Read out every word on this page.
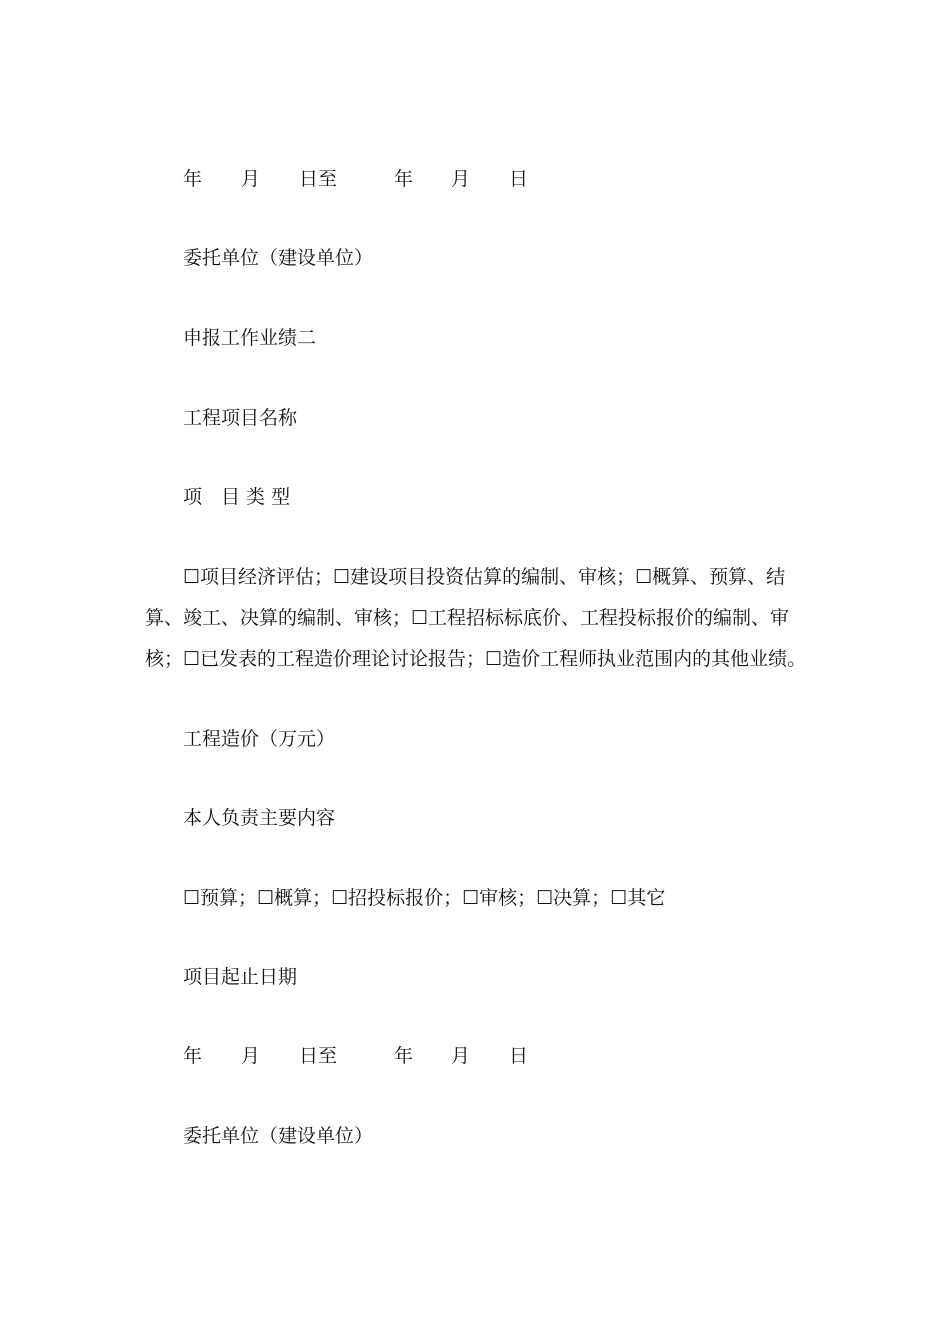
年 月 日至	年 月 日

委托单位（建设单位）

申报工作业绩二

工程项目名称

项　目 类 型

☐项目经济评估；☐建设项目投资估算的编制、审核；☐概算、预算、结

算、竣工、决算的编制、审核；☐工程招标标底价、工程投标报价的编制、审

核；☐已发表的工程造价理论讨论报告；☐造价工程师执业范围内的其他业绩。

工程造价（万元）

本人负责主要内容

☐预算；☐概算；☐招投标报价；☐审核；☐决算；☐其它

项目起止日期

年 月 日至	年 月 日

委托单位（建设单位）
